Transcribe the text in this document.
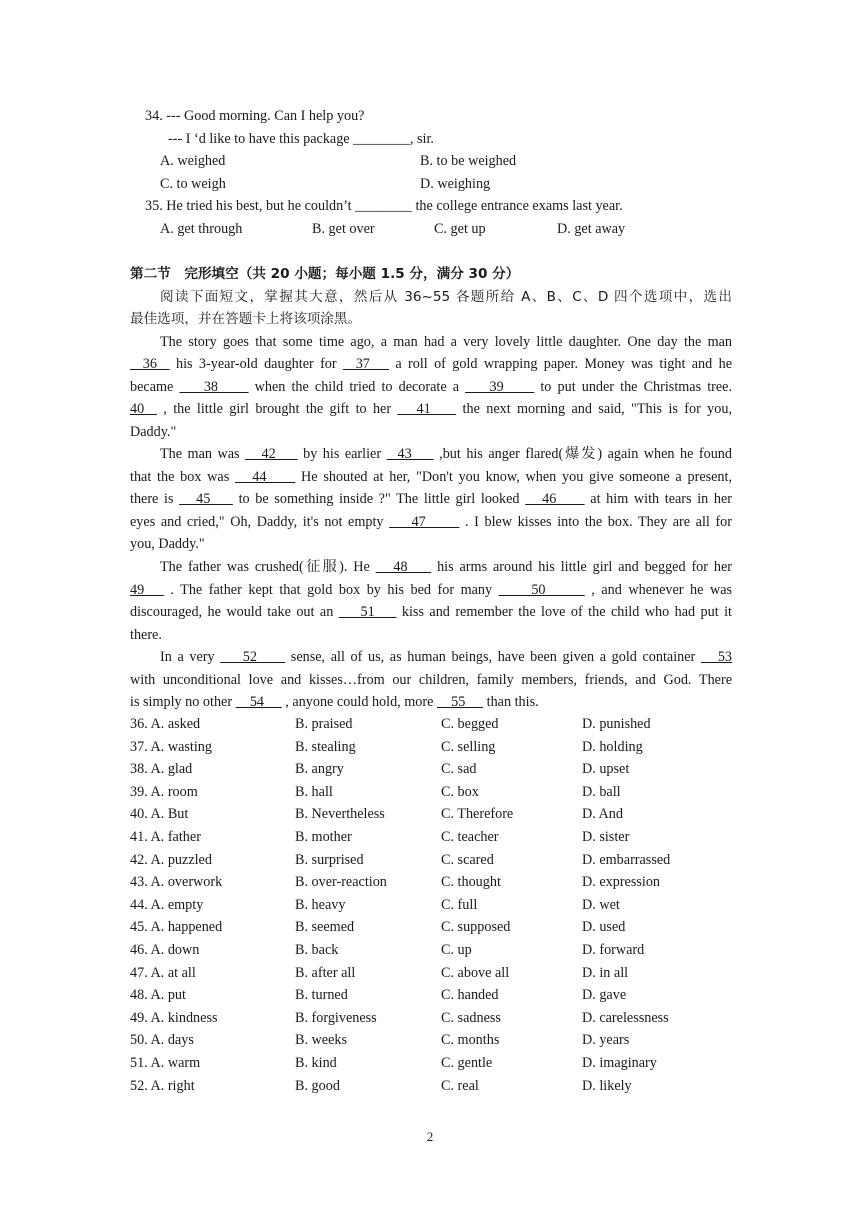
34. --- Good morning. Can I help you?
--- I ‘d like to have this package ________, sir.
A. weighed	B. to be weighed
C. to weigh	D. weighing
35. He tried his best, but he couldn’t ________ the college entrance exams last year.
A. get through	B. get over	C. get up	D. get away
第二节　完形填空（共 20 小题；每小题 1.5 分，满分 30 分）
阅读下面短文，掌握其大意，然后从 36~55 各题所给 A、B、C、D 四个选项中，选出
最佳选项，并在答题卡上将该项涂黑。
The story goes that some time ago, a man had a very lovely little daughter. One day the man
36   his 3-year-old daughter for   37    a roll of gold wrapping paper. Money was tight and he
became     38      when the child tried to decorate a     39      to put under the Christmas tree.
40   , the little girl brought the gift to her    41     the next morning and said, "This is for you,
Daddy."
The man was    42     by his earlier   43     ,but his anger flared(爆发) again when he found
that the box was    44      He shouted at her, "Don't you know, when you give someone a present,
there is    45     to be something inside ?" The little girl looked    46      at him with tears in her
eyes and cried," Oh, Daddy, it's not empty     47       . I blew kisses into the box. They are all for
you, Daddy."
The father was crushed(征服). He    48     his arms around his little girl and begged for her
49    . The father kept that gold box by his bed for many      50       , and whenever he was
discouraged, he would take out an     51     kiss and remember the love of the child who had put it
there.
In a very     52      sense, all of us, as human beings, have been given a gold container    53
with unconditional love and kisses…from our children, family members, friends, and God. There
is simply no other     54      , anyone could hold, more     55      than this.
36. A. asked	B. praised	C. begged	D. punished
37. A. wasting	B. stealing	C. selling	D. holding
38. A. glad	B. angry	C. sad	D. upset
39. A. room	B. hall	C. box	D. ball
40. A. But	B. Nevertheless	C. Therefore	D. And
41. A. father	B. mother	C. teacher	D. sister
42. A. puzzled	B. surprised	C. scared	D. embarrassed
43. A. overwork	B. over-reaction	C. thought	D. expression
44. A. empty	B. heavy	C. full	D. wet
45. A. happened	B. seemed	C. supposed	D. used
46. A. down	B. back	C. up	D. forward
47. A. at all	B. after all	C. above all	D. in all
48. A. put	B. turned	C. handed	D. gave
49. A. kindness	B. forgiveness	C. sadness	D. carelessness
50. A. days	B. weeks	C. months	D. years
51. A. warm	B. kind	C. gentle	D. imaginary
52. A. right	B. good	C. real	D. likely
2
